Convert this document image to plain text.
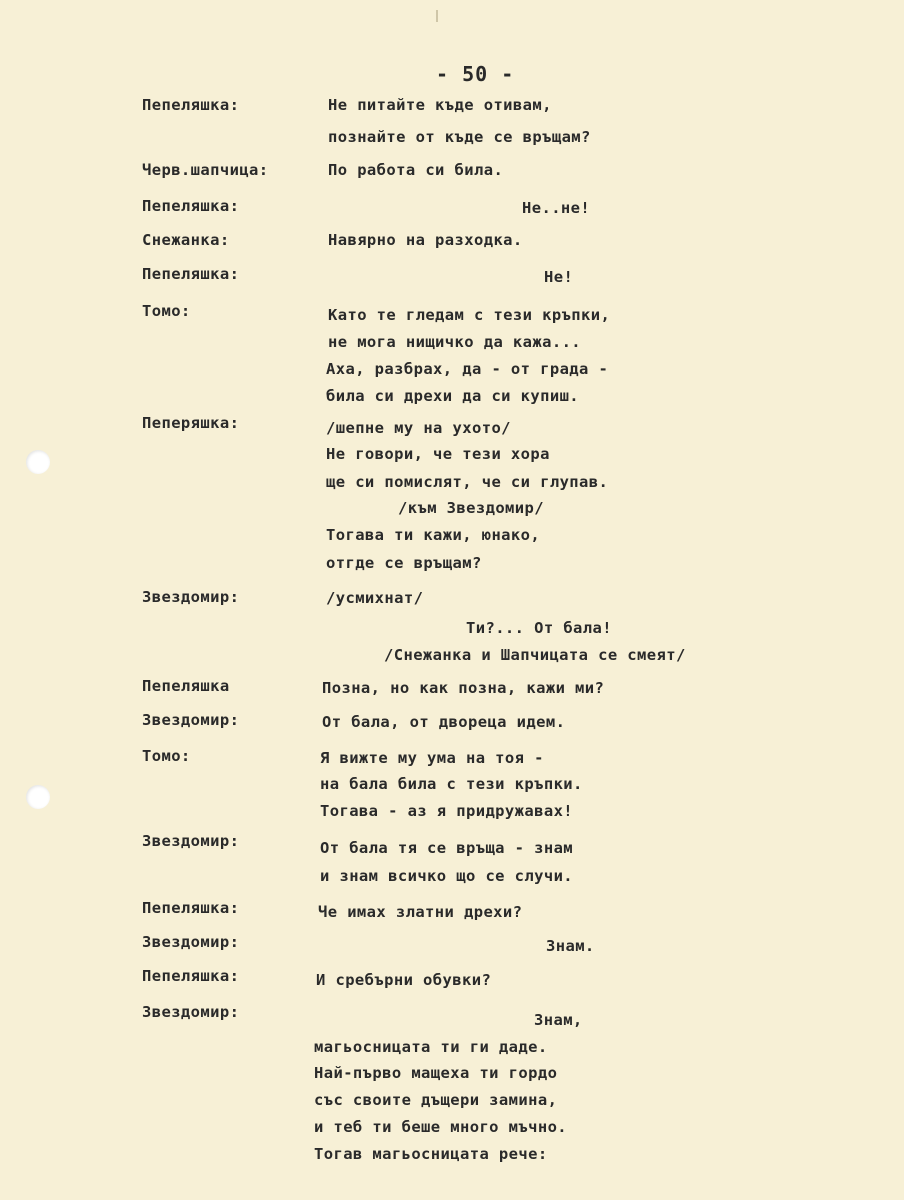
- 50 -
Пепеляшка:	Не питайте къде отивам,
познайте от къде се връщам?
Черв.шапчица:	По работа си била.
Пепеляшка:	Не..не!
Снежанка:	Навярно на разходка.
Пепеляшка:	Не!
Томо:	Като те гледам с тези кръпки,
не мога нищичко да кажа...
Аха, разбрах, да - от града -
била си дрехи да си купиш.
Пеперяшка:	/шепне му на ухото/
Не говори, че тези хора
ще си помислят, че си глупав.
/към Звездомир/
Тогава ти кажи, юнако,
отгде се връщам?
Звездомир:	/усмихнат/
Ти?... От бала!
/Снежанка и Шапчицата се смеят/
Пепеляшка	Позна, но как позна, кажи ми?
Звездомир:	От бала, от двореца идем.
Томо:	Я вижте му ума на тоя -
на бала била с тези кръпки.
Тогава - аз я придружавах!
Звездомир:	От бала тя се връща - знам
и знам всичко що се случи.
Пепеляшка:	Че имах златни дрехи?
Звездомир:	Знам.
Пепеляшка:	И сребърни обувки?
Звездомир:	Знам,
магьосницата ти ги даде.
Най-първо мащеха ти гордо
със своите дъщери замина,
и теб ти беше много мъчно.
Тогав магьосницата рече:
